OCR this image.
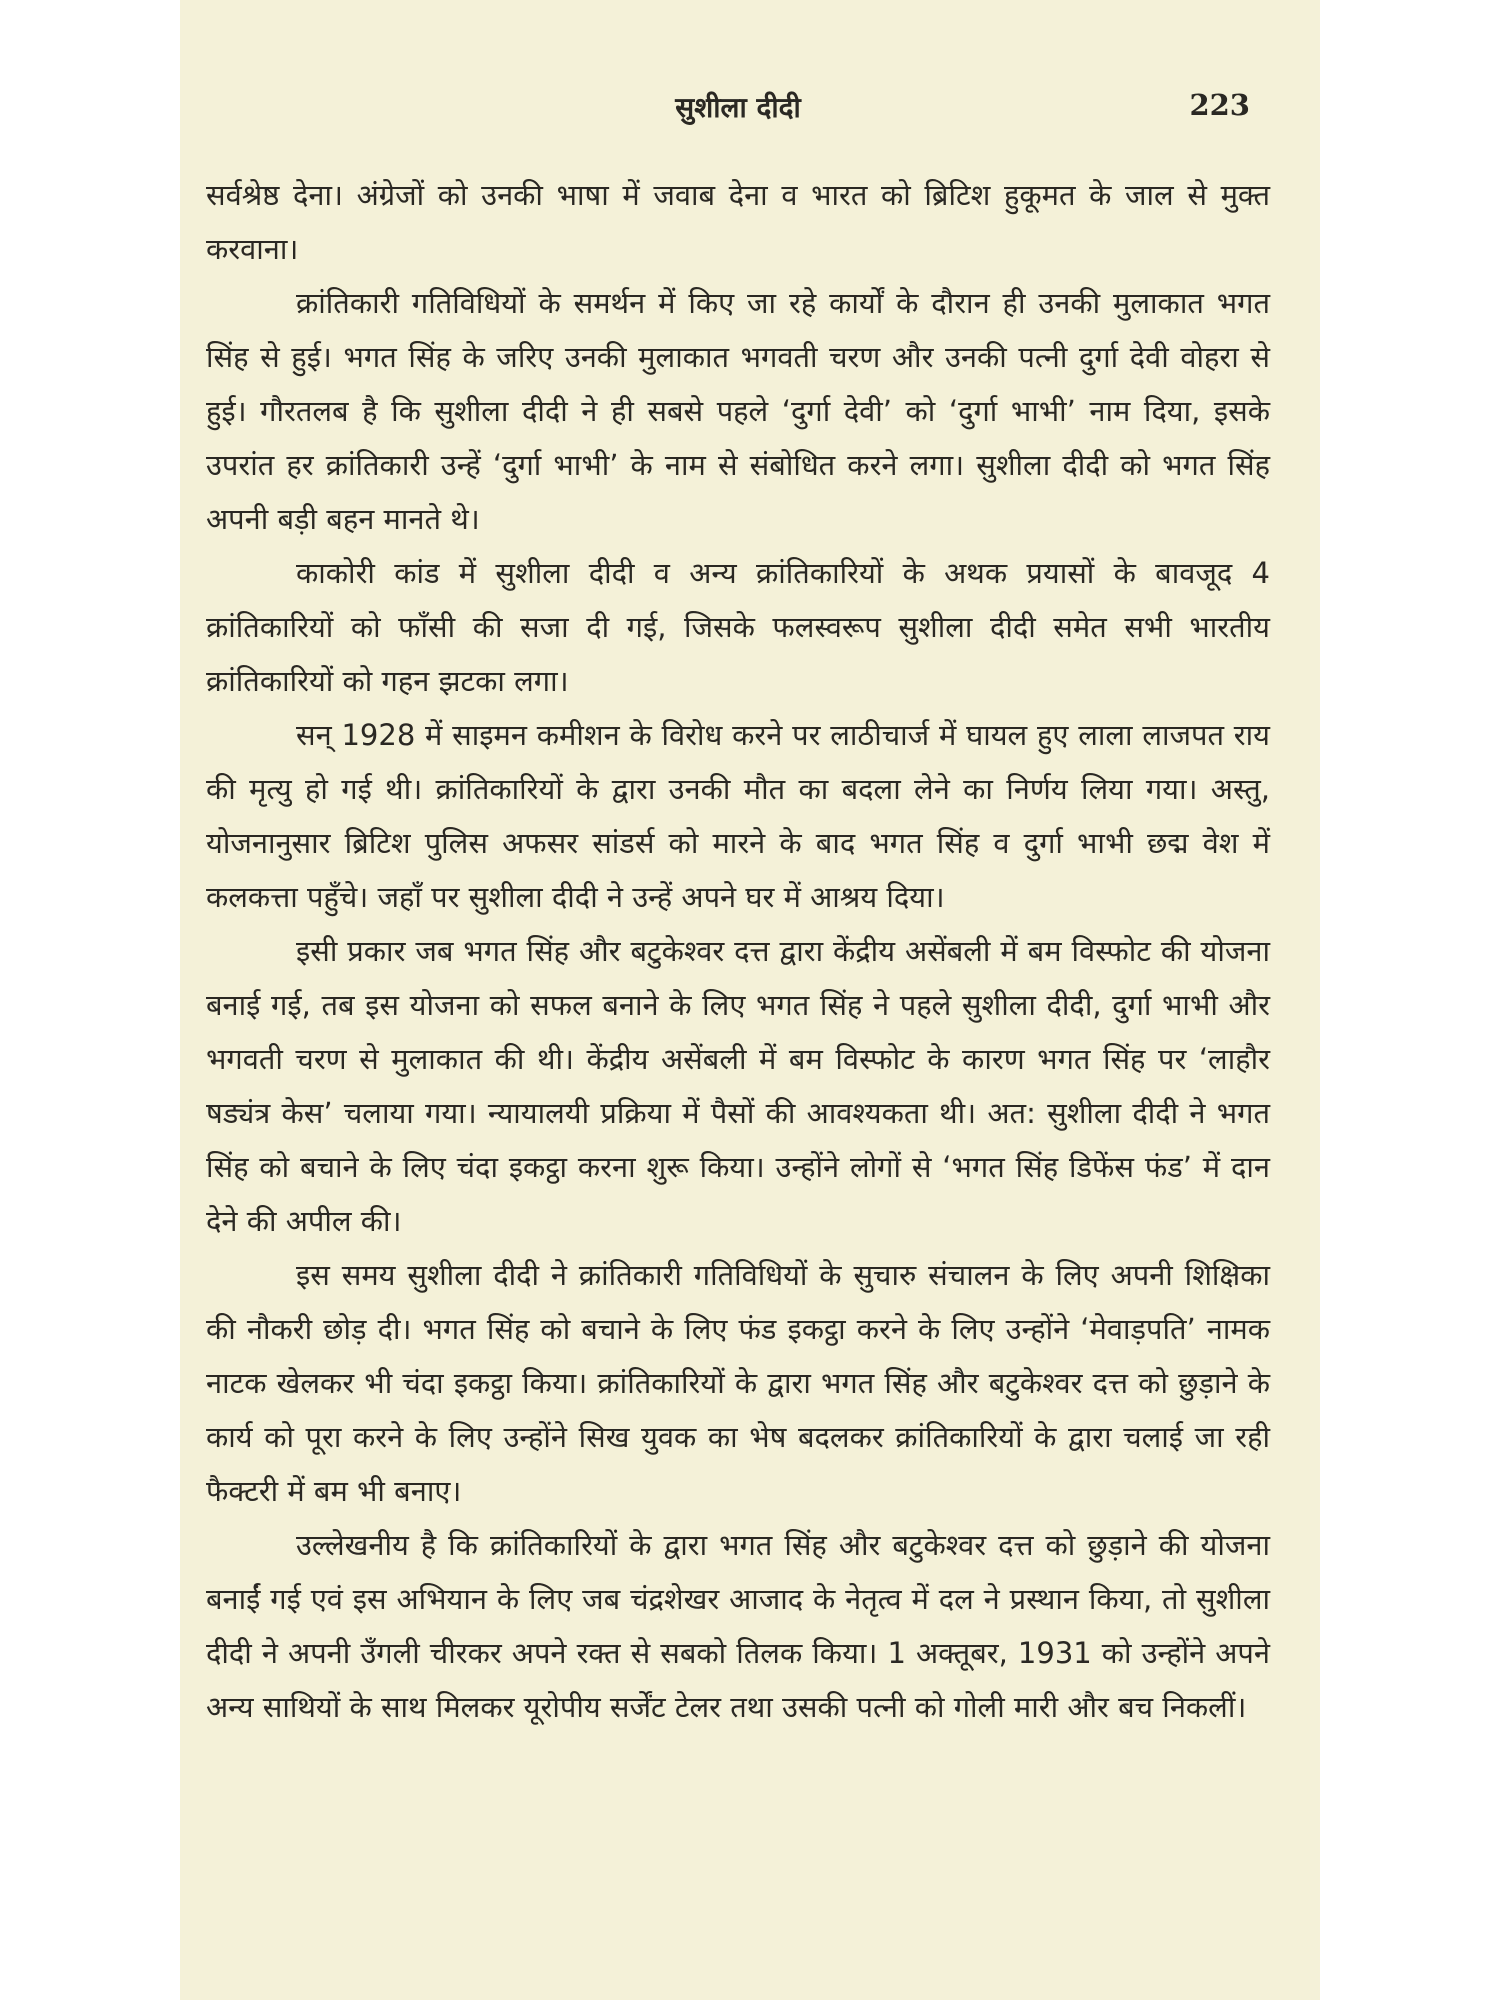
सुशीला दीदी	223

सर्वश्रेष्ठ देना। अंग्रेजों को उनकी भाषा में जवाब देना व भारत को ब्रिटिश हुकूमत के जाल से मुक्त करवाना।

क्रांतिकारी गतिविधियों के समर्थन में किए जा रहे कार्यों के दौरान ही उनकी मुलाकात भगत सिंह से हुई। भगत सिंह के जरिए उनकी मुलाकात भगवती चरण और उनकी पत्नी दुर्गा देवी वोहरा से हुई। गौरतलब है कि सुशीला दीदी ने ही सबसे पहले ‘दुर्गा देवी’ को ‘दुर्गा भाभी’ नाम दिया, इसके उपरांत हर क्रांतिकारी उन्हें ‘दुर्गा भाभी’ के नाम से संबोधित करने लगा। सुशीला दीदी को भगत सिंह अपनी बड़ी बहन मानते थे।

काकोरी कांड में सुशीला दीदी व अन्य क्रांतिकारियों के अथक प्रयासों के बावजूद 4 क्रांतिकारियों को फाँसी की सजा दी गई, जिसके फलस्वरूप सुशीला दीदी समेत सभी भारतीय क्रांतिकारियों को गहन झटका लगा।

सन् 1928 में साइमन कमीशन के विरोध करने पर लाठीचार्ज में घायल हुए लाला लाजपत राय की मृत्यु हो गई थी। क्रांतिकारियों के द्वारा उनकी मौत का बदला लेने का निर्णय लिया गया। अस्तु, योजनानुसार ब्रिटिश पुलिस अफसर सांडर्स को मारने के बाद भगत सिंह व दुर्गा भाभी छद्म वेश में कलकत्ता पहुँचे। जहाँ पर सुशीला दीदी ने उन्हें अपने घर में आश्रय दिया।

इसी प्रकार जब भगत सिंह और बटुकेश्वर दत्त द्वारा केंद्रीय असेंबली में बम विस्फोट की योजना बनाई गई, तब इस योजना को सफल बनाने के लिए भगत सिंह ने पहले सुशीला दीदी, दुर्गा भाभी और भगवती चरण से मुलाकात की थी। केंद्रीय असेंबली में बम विस्फोट के कारण भगत सिंह पर ‘लाहौर षड्यंत्र केस’ चलाया गया। न्यायालयी प्रक्रिया में पैसों की आवश्यकता थी। अत: सुशीला दीदी ने भगत सिंह को बचाने के लिए चंदा इकट्ठा करना शुरू किया। उन्होंने लोगों से ‘भगत सिंह डिफेंस फंड’ में दान देने की अपील की।

इस समय सुशीला दीदी ने क्रांतिकारी गतिविधियों के सुचारु संचालन के लिए अपनी शिक्षिका की नौकरी छोड़ दी। भगत सिंह को बचाने के लिए फंड इकट्ठा करने के लिए उन्होंने ‘मेवाड़पति’ नामक नाटक खेलकर भी चंदा इकट्ठा किया। क्रांतिकारियों के द्वारा भगत सिंह और बटुकेश्वर दत्त को छुड़ाने के कार्य को पूरा करने के लिए उन्होंने सिख युवक का भेष बदलकर क्रांतिकारियों के द्वारा चलाई जा रही फैक्टरी में बम भी बनाए।

उल्लेखनीय है कि क्रांतिकारियों के द्वारा भगत सिंह और बटुकेश्वर दत्त को छुड़ाने की योजना बनाईं गई एवं इस अभियान के लिए जब चंद्रशेखर आजाद के नेतृत्व में दल ने प्रस्थान किया, तो सुशीला दीदी ने अपनी उँगली चीरकर अपने रक्त से सबको तिलक किया। 1 अक्तूबर, 1931 को उन्होंने अपने अन्य साथियों के साथ मिलकर यूरोपीय सर्जेंट टेलर तथा उसकी पत्नी को गोली मारी और बच निकलीं।
